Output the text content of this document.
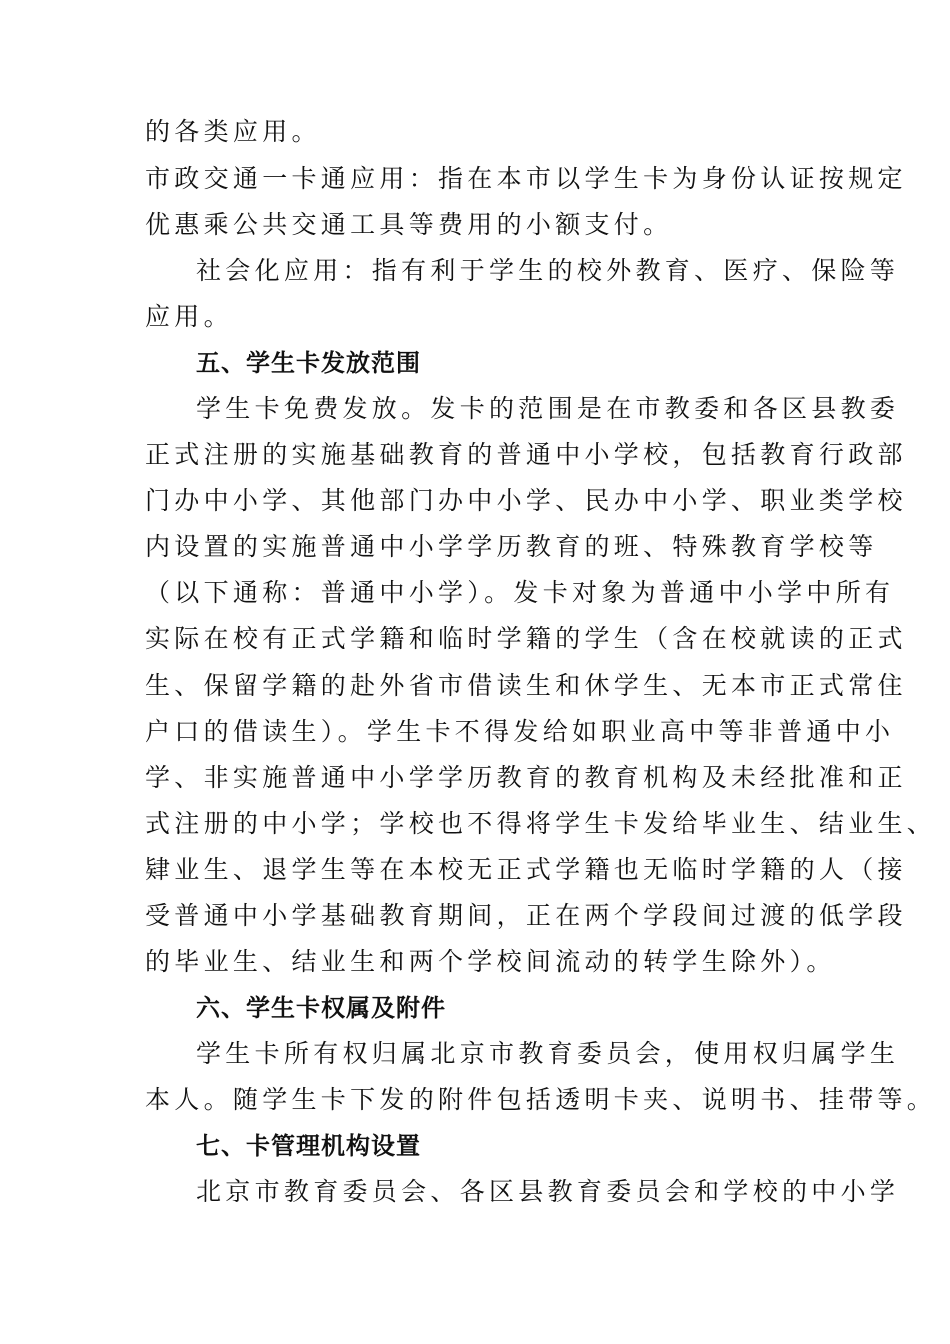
的各类应用。
市政交通一卡通应用：指在本市以学生卡为身份认证按规定
优惠乘公共交通工具等费用的小额支付。
社会化应用：指有利于学生的校外教育、医疗、保险等
应用。
五、学生卡发放范围
学生卡免费发放。发卡的范围是在市教委和各区县教委
正式注册的实施基础教育的普通中小学校，包括教育行政部
门办中小学、其他部门办中小学、民办中小学、职业类学校
内设置的实施普通中小学学历教育的班、特殊教育学校等
（以下通称：普通中小学）。发卡对象为普通中小学中所有
实际在校有正式学籍和临时学籍的学生（含在校就读的正式
生、保留学籍的赴外省市借读生和休学生、无本市正式常住
户口的借读生）。学生卡不得发给如职业高中等非普通中小
学、非实施普通中小学学历教育的教育机构及未经批准和正
式注册的中小学；学校也不得将学生卡发给毕业生、结业生、
肄业生、退学生等在本校无正式学籍也无临时学籍的人（接
受普通中小学基础教育期间，正在两个学段间过渡的低学段
的毕业生、结业生和两个学校间流动的转学生除外）。
六、学生卡权属及附件
学生卡所有权归属北京市教育委员会，使用权归属学生
本人。随学生卡下发的附件包括透明卡夹、说明书、挂带等。
七、卡管理机构设置
北京市教育委员会、各区县教育委员会和学校的中小学
